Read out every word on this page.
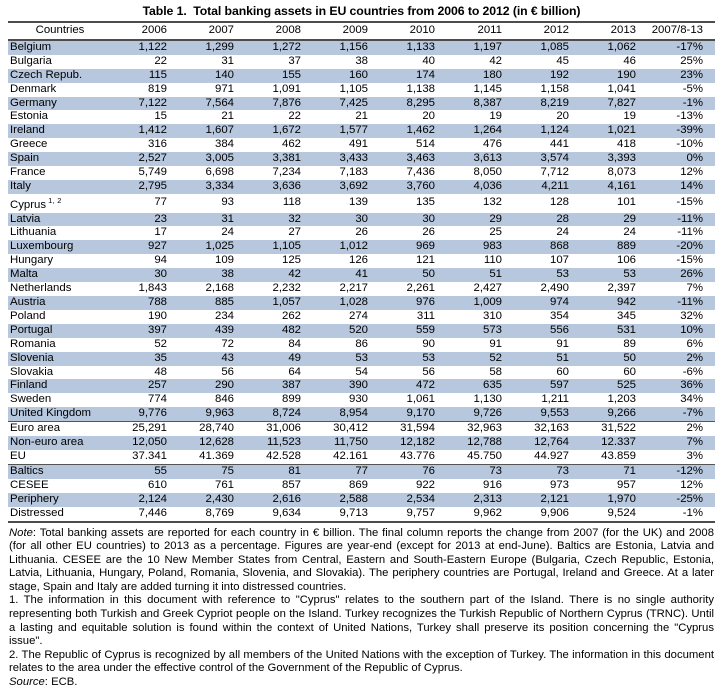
Table 1.  Total banking assets in EU countries from 2006 to 2012 (in € billion)
Countries	2006	2007	2008	2009	2010	2011	2012	2013	2007/8-13
Belgium	1,122	1,299	1,272	1,156	1,133	1,197	1,085	1,062	-17%
Bulgaria	22	31	37	38	40	42	45	46	25%
Czech Repub.	115	140	155	160	174	180	192	190	23%
Denmark	819	971	1,091	1,105	1,138	1,145	1,158	1,041	-5%
Germany	7,122	7,564	7,876	7,425	8,295	8,387	8,219	7,827	-1%
Estonia	15	21	22	21	20	19	20	19	-13%
Ireland	1,412	1,607	1,672	1,577	1,462	1,264	1,124	1,021	-39%
Greece	316	384	462	491	514	476	441	418	-10%
Spain	2,527	3,005	3,381	3,433	3,463	3,613	3,574	3,393	0%
France	5,749	6,698	7,234	7,183	7,436	8,050	7,712	8,073	12%
Italy	2,795	3,334	3,636	3,692	3,760	4,036	4,211	4,161	14%
Cyprus $^{1, 2}$	77	93	118	139	135	132	128	101	-15%
Latvia	23	31	32	30	30	29	28	29	-11%
Lithuania	17	24	27	26	26	25	24	24	-11%
Luxembourg	927	1,025	1,105	1,012	969	983	868	889	-20%
Hungary	94	109	125	126	121	110	107	106	-15%
Malta	30	38	42	41	50	51	53	53	26%
Netherlands	1,843	2,168	2,232	2,217	2,261	2,427	2,490	2,397	7%
Austria	788	885	1,057	1,028	976	1,009	974	942	-11%
Poland	190	234	262	274	311	310	354	345	32%
Portugal	397	439	482	520	559	573	556	531	10%
Romania	52	72	84	86	90	91	91	89	6%
Slovenia	35	43	49	53	53	52	51	50	2%
Slovakia	48	56	64	54	56	58	60	60	-6%
Finland	257	290	387	390	472	635	597	525	36%
Sweden	774	846	899	930	1,061	1,130	1,211	1,203	34%
United Kingdom	9,776	9,963	8,724	8,954	9,170	9,726	9,553	9,266	-7%
Euro area	25,291	28,740	31,006	30,412	31,594	32,963	32,163	31,522	2%
Non-euro area	12,050	12,628	11,523	11,750	12,182	12,788	12,764	12.337	7%
EU	37.341	41.369	42.528	42.161	43.776	45.750	44.927	43.859	3%
Baltics	55	75	81	77	76	73	73	71	-12%
CESEE	610	761	857	869	922	916	973	957	12%
Periphery	2,124	2,430	2,616	2,588	2,534	2,313	2,121	1,970	-25%
Distressed	7,446	8,769	9,634	9,713	9,757	9,962	9,906	9,524	-1%

Note: Total banking assets are reported for each country in € billion. The final column reports the change from 2007 (for the UK) and 2008 (for all other EU countries) to 2013 as a percentage. Figures are year-end (except for 2013 at end-June). Baltics are Estonia, Latvia and Lithuania. CESEE are the 10 New Member States from Central, Eastern and South-Eastern Europe (Bulgaria, Czech Republic, Estonia, Latvia, Lithuania, Hungary, Poland, Romania, Slovenia, and Slovakia). The periphery countries are Portugal, Ireland and Greece. At a later stage, Spain and Italy are added turning it into distressed countries.

1. The information in this document with reference to "Cyprus" relates to the southern part of the Island. There is no single authority representing both Turkish and Greek Cypriot people on the Island. Turkey recognizes the Turkish Republic of Northern Cyprus (TRNC). Until a lasting and equitable solution is found within the context of United Nations, Turkey shall preserve its position concerning the "Cyprus issue".

2. The Republic of Cyprus is recognized by all members of the United Nations with the exception of Turkey. The information in this document relates to the area under the effective control of the Government of the Republic of Cyprus.

Source: ECB.
